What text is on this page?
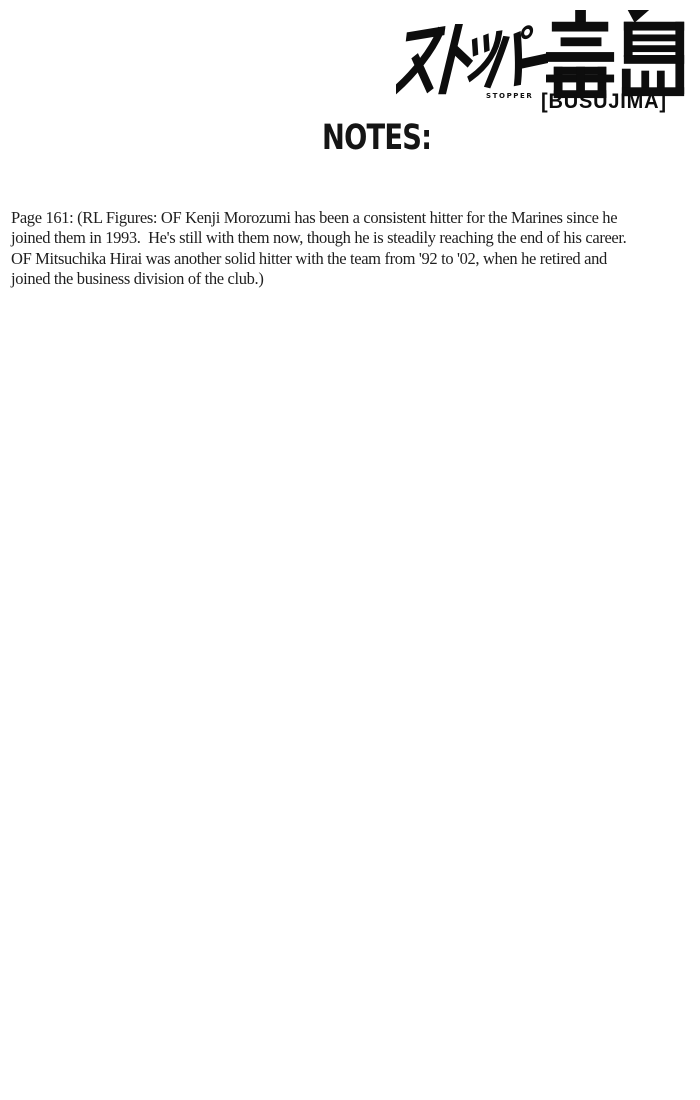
STOPPER [BUSUJIMA]
NOTES:
Page 161: (RL Figures: OF Kenji Morozumi has been a consistent hitter for the Marines since he
joined them in 1993.  He's still with them now, though he is steadily reaching the end of his career.
OF Mitsuchika Hirai was another solid hitter with the team from '92 to '02, when he retired and
joined the business division of the club.)
